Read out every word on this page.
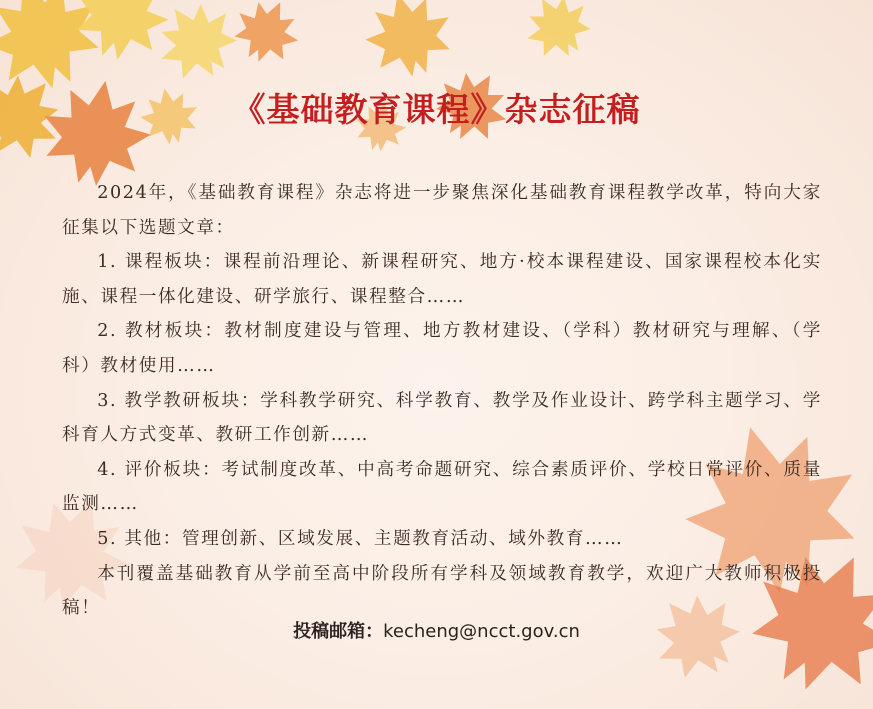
《基础教育课程》杂志征稿

2024年，《基础教育课程》杂志将进一步聚焦深化基础教育课程教学改革，特向大家征集以下选题文章：

1. 课程板块：课程前沿理论、新课程研究、地方·校本课程建设、国家课程校本化实施、课程一体化建设、研学旅行、课程整合……

2. 教材板块：教材制度建设与管理、地方教材建设、（学科）教材研究与理解、（学科）教材使用……

3. 教学教研板块：学科教学研究、科学教育、教学及作业设计、跨学科主题学习、学科育人方式变革、教研工作创新……

4. 评价板块：考试制度改革、中高考命题研究、综合素质评价、学校日常评价、质量监测……

5. 其他：管理创新、区域发展、主题教育活动、域外教育……

本刊覆盖基础教育从学前至高中阶段所有学科及领域教育教学，欢迎广大教师积极投稿！

投稿邮箱：kecheng@ncct.gov.cn
